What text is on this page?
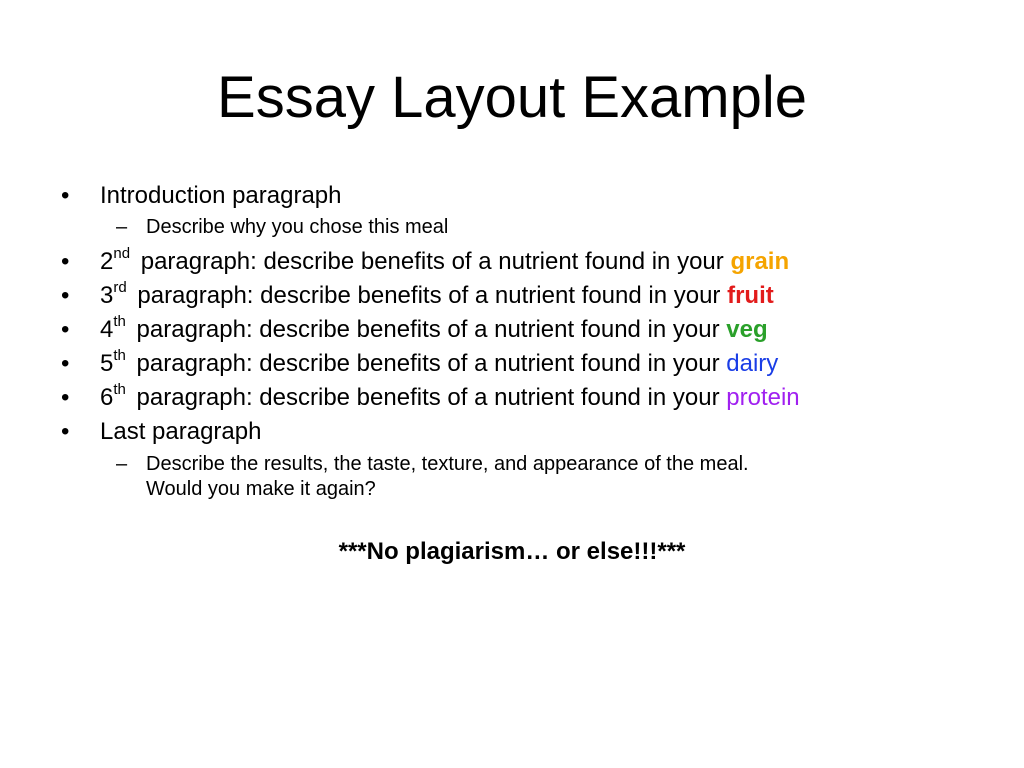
Essay Layout Example
• Introduction paragraph
– Describe why you chose this meal
• 2nd paragraph: describe benefits of a nutrient found in your grain
• 3rd paragraph: describe benefits of a nutrient found in your fruit
• 4th paragraph: describe benefits of a nutrient found in your veg
• 5th paragraph: describe benefits of a nutrient found in your dairy
• 6th paragraph: describe benefits of a nutrient found in your protein
• Last paragraph
– Describe the results, the taste, texture, and appearance of the meal.
Would you make it again?
***No plagiarism… or else!!!***
